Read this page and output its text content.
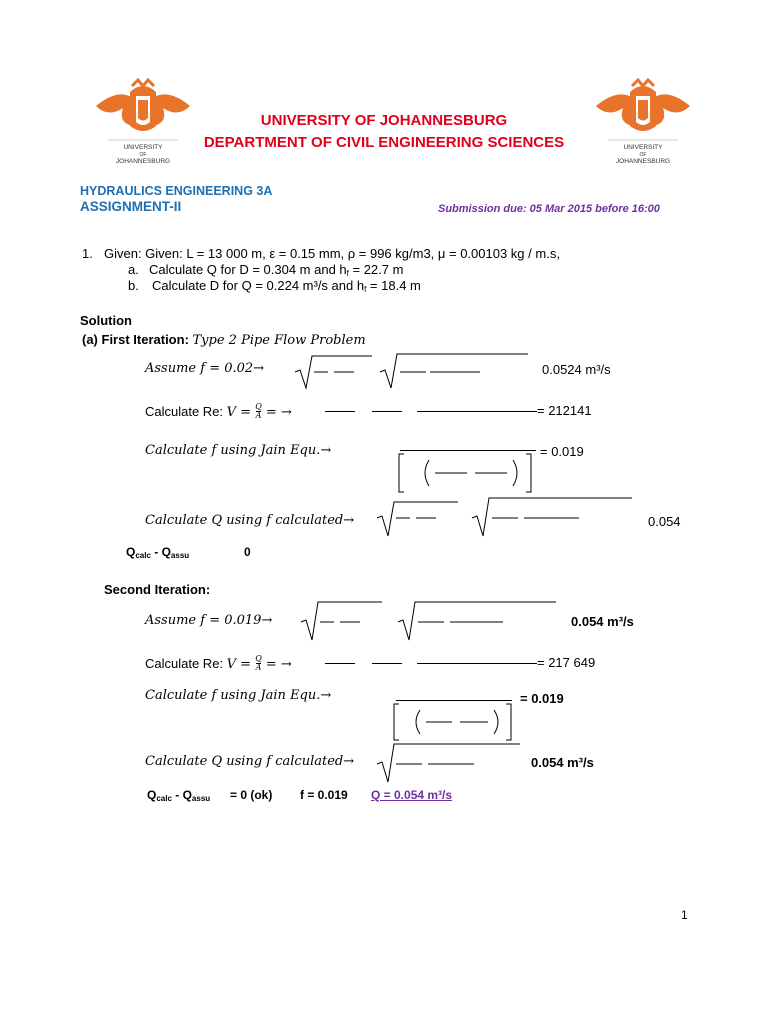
UNIVERSITY
OF
JOHANNESBURG
UNIVERSITY
OF
JOHANNESBURG
UNIVERSITY OF JOHANNESBURG
DEPARTMENT OF CIVIL ENGINEERING SCIENCES
HYDRAULICS ENGINEERING 3A
ASSIGNMENT-II	Submission due: 05 Mar 2015 before 16:00
1. Given: Given: L = 13 000 m, ε = 0.15 mm, ρ = 996 kg/m3, μ = 0.00103 kg / m.s,
a. Calculate Q for D = 0.304 m and $h_f = 22.7$ m
b. Calculate D for Q = 0.224 m³/s and $h_f = 18.4$ m
Solution
(a) First Iteration: Type 2 Pipe Flow Problem
Assume f = 0.02→	0.0524 m³/s
Calculate Re: $V = \frac{Q}{A}$ = →	= 212141
Calculate f using Jain Equ.→	= 0.019
Calculate Q using f calculated→	0.054
$Q_{calc} - Q_{assu}$	0
Second Iteration:
Assume f = 0.019→	0.054 m³/s
Calculate Re: $V = \frac{Q}{A}$ = →	= 217 649
Calculate f using Jain Equ.→	= 0.019
Calculate Q using f calculated→	0.054 m³/s
$Q_{calc} - Q_{assu} = 0$ (ok) f = 0.019 Q = 0.054 m³/s
1
